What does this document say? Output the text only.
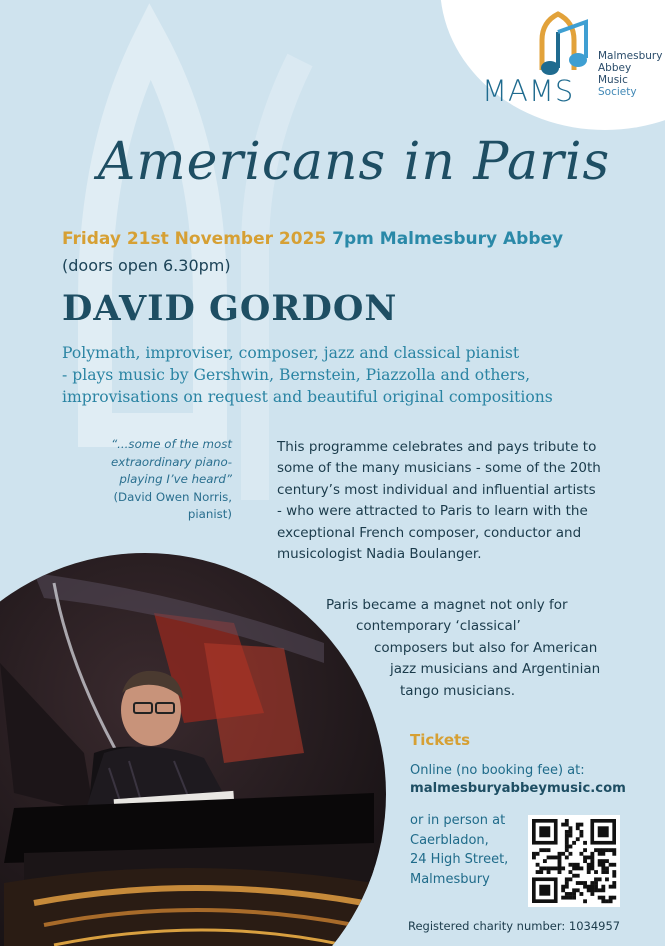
MAMS
Malmesbury
Abbey
Music
Society
Americans in Paris
Friday 21st November 2025 7pm Malmesbury Abbey
(doors open 6.30pm)
DAVID GORDON
Polymath, improviser, composer, jazz and classical pianist
- plays music by Gershwin, Bernstein, Piazzolla and others,
improvisations on request and beautiful original compositions
“...some of the most
extraordinary piano-
playing I’ve heard”
(David Owen Norris,
pianist)
This programme celebrates and pays tribute to
some of the many musicians - some of the 20th
century’s most individual and influential artists
- who were attracted to Paris to learn with the
exceptional French composer, conductor and
musicologist Nadia Boulanger.
Paris became a magnet not only for
contemporary ‘classical’
composers but also for American
jazz musicians and Argentinian
tango musicians.
Tickets
Online (no booking fee) at:
malmesburyabbeymusic.com
or in person at
Caerbladon,
24 High Street,
Malmesbury
Registered charity number: 1034957
